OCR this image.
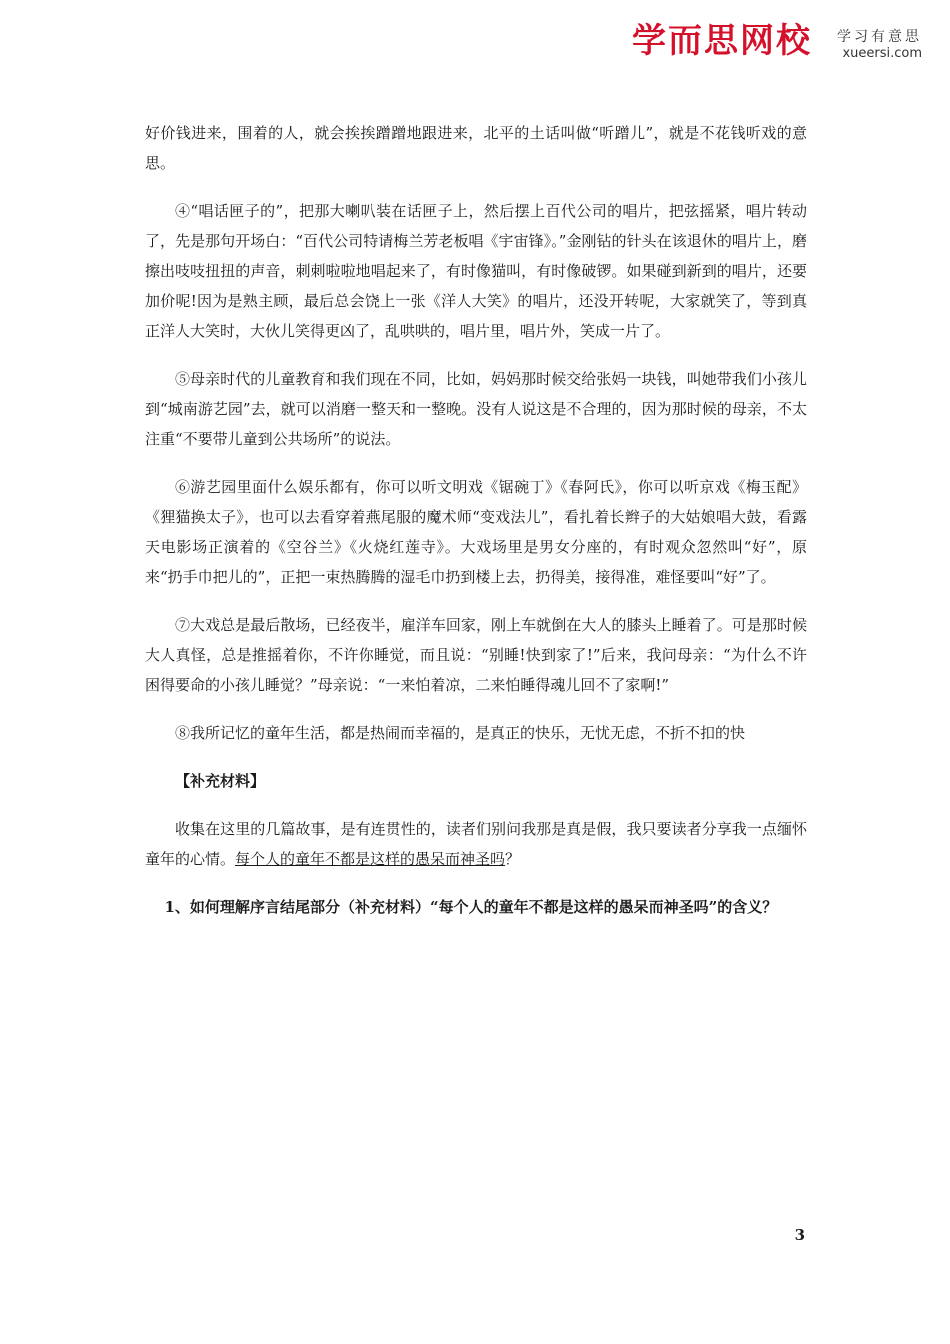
学而思网校 学习有意思
xueersi.com

好价钱进来，围着的人，就会挨挨蹭蹭地跟进来，北平的土话叫做“听蹭儿”，就是不花钱听戏的意思。

④“唱话匣子的”，把那大喇叭装在话匣子上，然后摆上百代公司的唱片，把弦摇紧，唱片转动了，先是那句开场白：“百代公司特请梅兰芳老板唱《宇宙锋》。”金刚钻的针头在该退休的唱片上，磨擦出吱吱扭扭的声音，刺刺啦啦地唱起来了，有时像猫叫，有时像破锣。如果碰到新到的唱片，还要加价呢!因为是熟主顾，最后总会饶上一张《洋人大笑》的唱片，还没开转呢，大家就笑了，等到真正洋人大笑时，大伙儿笑得更凶了，乱哄哄的，唱片里，唱片外，笑成一片了。

⑤母亲时代的儿童教育和我们现在不同，比如，妈妈那时候交给张妈一块钱，叫她带我们小孩儿到“城南游艺园”去，就可以消磨一整天和一整晚。没有人说这是不合理的，因为那时候的母亲，不太注重“不要带儿童到公共场所”的说法。

⑥游艺园里面什么娱乐都有，你可以听文明戏《锯碗丁》《春阿氏》，你可以听京戏《梅玉配》《狸猫换太子》，也可以去看穿着燕尾服的魔术师“变戏法儿”，看扎着长辫子的大姑娘唱大鼓，看露天电影场正演着的《空谷兰》《火烧红莲寺》。大戏场里是男女分座的，有时观众忽然叫“好”，原来“扔手巾把儿的”，正把一束热腾腾的湿毛巾扔到楼上去，扔得美，接得准，难怪要叫“好”了。

⑦大戏总是最后散场，已经夜半，雇洋车回家，刚上车就倒在大人的膝头上睡着了。可是那时候大人真怪，总是推摇着你，不许你睡觉，而且说：“别睡!快到家了!”后来，我问母亲：“为什么不许困得要命的小孩儿睡觉？”母亲说：“一来怕着凉，二来怕睡得魂儿回不了家啊!”

⑧我所记忆的童年生活，都是热闹而幸福的，是真正的快乐，无忧无虑，不折不扣的快

【补充材料】

收集在这里的几篇故事，是有连贯性的，读者们别问我那是真是假，我只要读者分享我一点缅怀童年的心情。每个人的童年不都是这样的愚呆而神圣吗？

1、如何理解序言结尾部分（补充材料）“每个人的童年不都是这样的愚呆而神圣吗”的含义？

3
